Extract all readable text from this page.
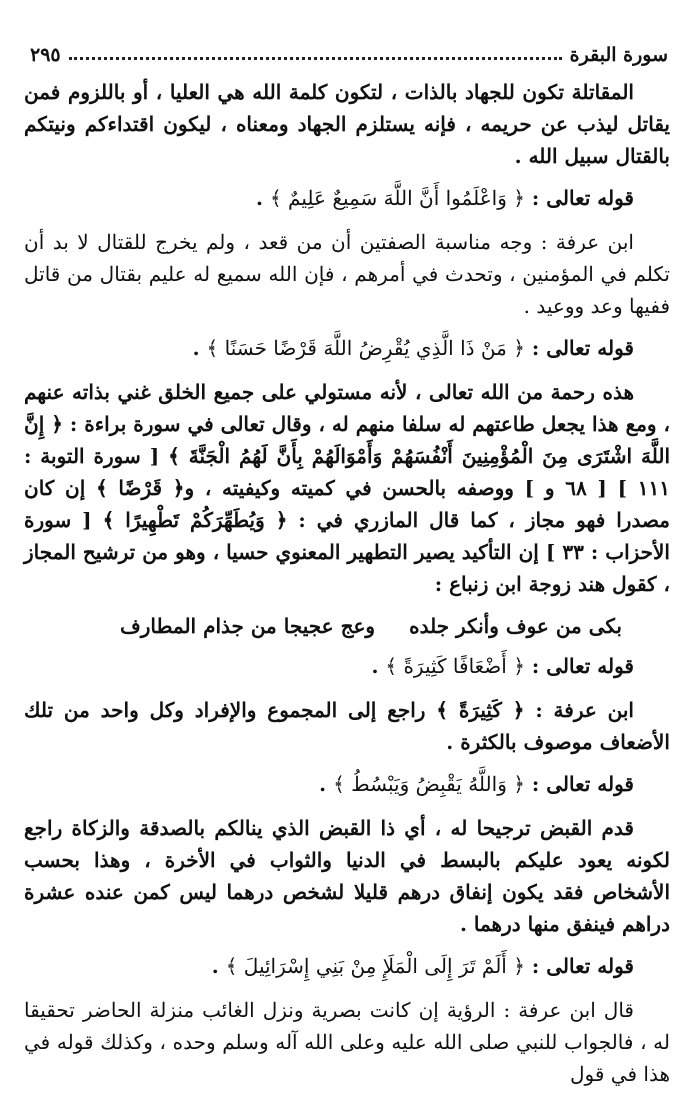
سورة البقرة
٢٩٥

المقاتلة تكون للجهاد بالذات ، لتكون كلمة الله هي العليا ، أو باللزوم فمن يقاتل ليذب عن حريمه ، فإنه يستلزم الجهاد ومعناه ، ليكون اقتداءكم ونيتكم بالقتال سبيل الله .

قوله تعالى : ﴿ وَاعْلَمُوا أَنَّ اللَّهَ سَمِيعٌ عَلِيمٌ ﴾ .

ابن عرفة : وجه مناسبة الصفتين أن من قعد ، ولم يخرج للقتال لا بد أن تكلم في المؤمنين ، وتحدث في أمرهم ، فإن الله سميع له عليم بقتال من قاتل ففيها وعد ووعيد .

قوله تعالى : ﴿ مَنْ ذَا الَّذِي يُقْرِضُ اللَّهَ قَرْضًا حَسَنًا ﴾ .

هذه رحمة من الله تعالى ، لأنه مستولي على جميع الخلق غني بذاته عنهم ، ومع هذا يجعل طاعتهم له سلفا منهم له ، وقال تعالى في سورة براءة : ﴿ إِنَّ اللَّهَ اشْتَرَى مِنَ الْمُؤْمِنِينَ أَنْفُسَهُمْ وَأَمْوَالَهُمْ بِأَنَّ لَهُمُ الْجَنَّةَ ﴾ [ سورة التوبة : ١١١ ] [ ٦٨ و ] ووصفه بالحسن في كميته وكيفيته ، و﴿ قَرْضًا ﴾ إن كان مصدرا فهو مجاز ، كما قال المازري في : ﴿ وَيُطَهِّرَكُمْ تَطْهِيرًا ﴾ [ سورة الأحزاب : ٣٣ ] إن التأكيد يصير التطهير المعنوي حسيا ، وهو من ترشيح المجاز ، كقول هند زوجة ابن زنباع :

بكى من عوف وأنكر جلده
وعج عجيجا من جذام المطارف

قوله تعالى : ﴿ أَضْعَافًا كَثِيرَةً ﴾ .

ابن عرفة : ﴿ كَثِيرَةً ﴾ راجع إلى المجموع والإفراد وكل واحد من تلك الأضعاف موصوف بالكثرة .

قوله تعالى : ﴿ وَاللَّهُ يَقْبِضُ وَيَبْسُطُ ﴾ .

قدم القبض ترجيحا له ، أي ذا القبض الذي ينالكم بالصدقة والزكاة راجع لكونه يعود عليكم بالبسط في الدنيا والثواب في الأخرة ، وهذا بحسب الأشخاص فقد يكون إنفاق درهم قليلا لشخص درهما ليس كمن عنده عشرة دراهم فينفق منها درهما .

قوله تعالى : ﴿ أَلَمْ تَرَ إِلَى الْمَلَإِ مِنْ بَنِي إِسْرَائِيلَ ﴾ .

قال ابن عرفة : الرؤية إن كانت بصرية ونزل الغائب منزلة الحاضر تحقيقا له ، فالجواب للنبي صلى الله عليه وعلى الله آله وسلم وحده ، وكذلك قوله في هذا في قول
